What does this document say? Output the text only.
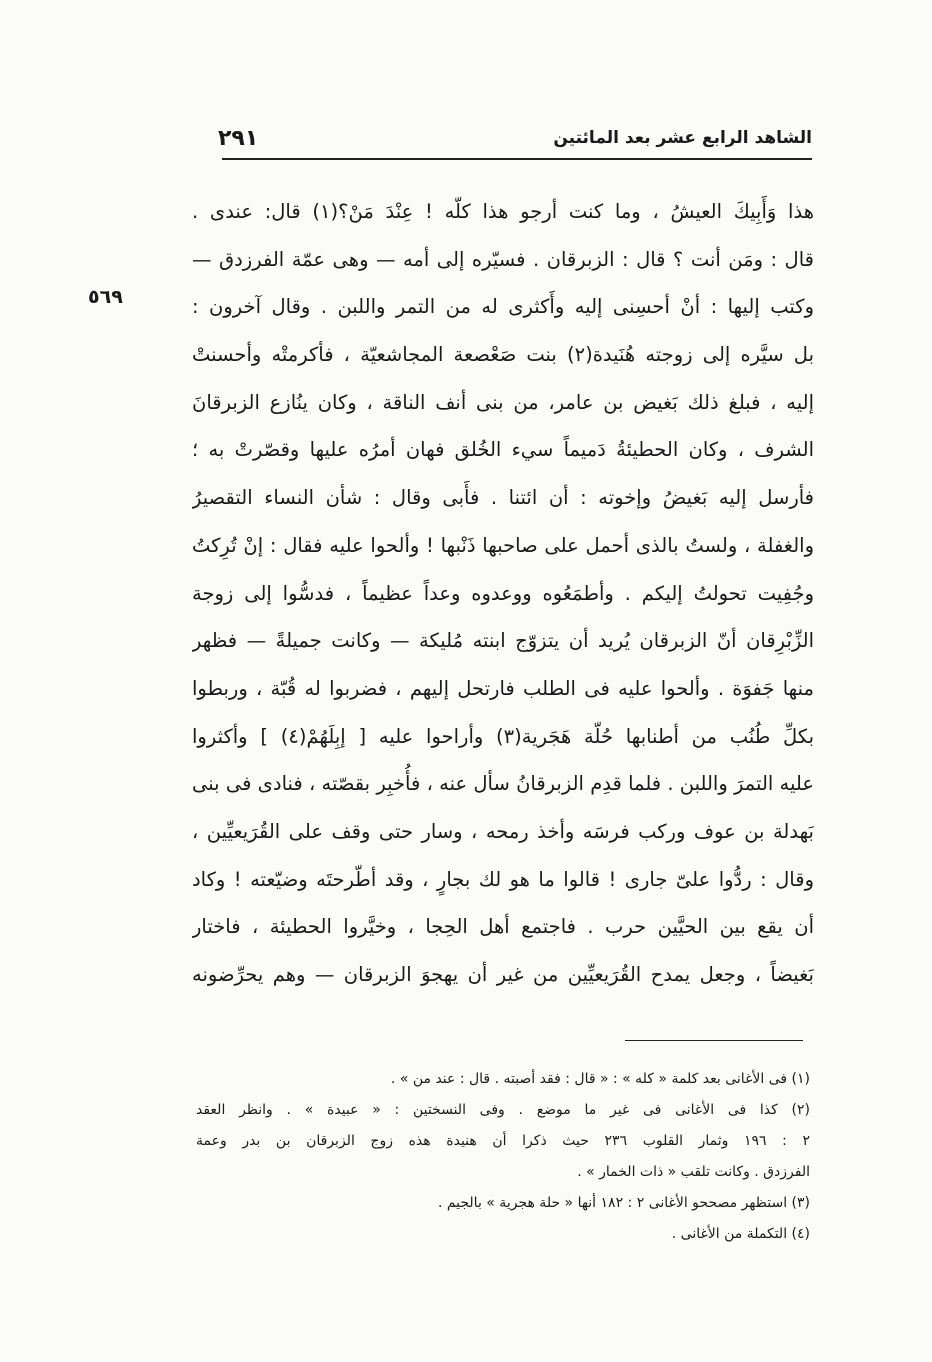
الشاهد الرابع عشر بعد المائتين
٢٩١
٥٦٩
هذا وَأَبِيكَ العيشُ ، وما كنت أرجو هذا كلّه ! عِنْدَ مَنْ؟(١) قال: عندى .
قال : ومَن أنت ؟ قال : الزبرقان . فسيّره إلى أمه — وهى عمّة الفرزدق —
وكتب إليها : أنْ أحسِنى إليه وأَكثرى له من التمر واللبن . وقال آخرون :
بل سيَّره إلى زوجته هُنَيدة(٢) بنت صَعْصعة المجاشعيّة ، فأكرمتْه وأحسنتْ
إليه ، فبلغ ذلك بَغيض بن عامر، من بنى أنف الناقة ، وكان ينُازع الزبرقانَ
الشرف ، وكان الحطيئةُ دَميماً سيء الخُلق فهان أمرُه عليها وقصّرتْ به ؛
فأرسل إليه بَغيضُ وإخوته : أن ائتنا . فأَبى وقال : شأن النساء التقصيرُ
والغفلة ، ولستُ بالذى أحمل على صاحبها ذَنْبها ! وألحوا عليه فقال : إنْ تُرِكتُ
وجُفِيت تحولتُ إليكم . وأطمَعُوه ووعدوه وعداً عظيماً ، فدسُّوا إلى زوجة
الزِّبْرِقان أنّ الزبرقان يُريد أن يتزوّج ابنته مُليكة — وكانت جميلةً — فظهر
منها جَفوَة . وألحوا عليه فى الطلب فارتحل إليهم ، فضربوا له قُبّة ، وربطوا
بكلِّ طُنُب من أطنابها حُلّة هَجَرية(٣) وأراحوا عليه [ إبِلَهُمْ(٤) ] وأكثروا
عليه التمرَ واللبن . فلما قدِم الزبرقانُ سأل عنه ، فأُخبِر بقصّته ، فنادى فى بنى
بَهدلة بن عوف وركب فرسَه وأخذ رمحه ، وسار حتى وقف على القُرَيعيِّين ،
وقال : ردُّوا علىّ جارى ! قالوا ما هو لك بجارٍ ، وقد أطّرحتَه وضيّعته ! وكاد
أن يقع بين الحيَّين حرب . فاجتمع أهل الحِجا ، وخيَّروا الحطيئة ، فاختار
بَغيضاً ، وجعل يمدح القُرَيعيِّين من غير أن يهجوَ الزبرقان — وهم يحرِّضونه
(١) فى الأغانى بعد كلمة « كله » : « قال : فقد أصبته . قال : عند من » .
(٢) كذا فى الأغانى فى غير ما موضع . وفى النسختين : « عبيدة » . وانظر العقد
٢ : ١٩٦ وثمار القلوب ٢٣٦ حيث ذكرا أن هنيدة هذه زوج الزبرقان بن بدر وعمة
الفرزدق . وكانت تلقب « ذات الخمار » .
(٣) استظهر مصححو الأغانى ٢ : ١٨٢ أنها « حلة هجرية » بالجيم .
(٤) التكملة من الأغانى .
